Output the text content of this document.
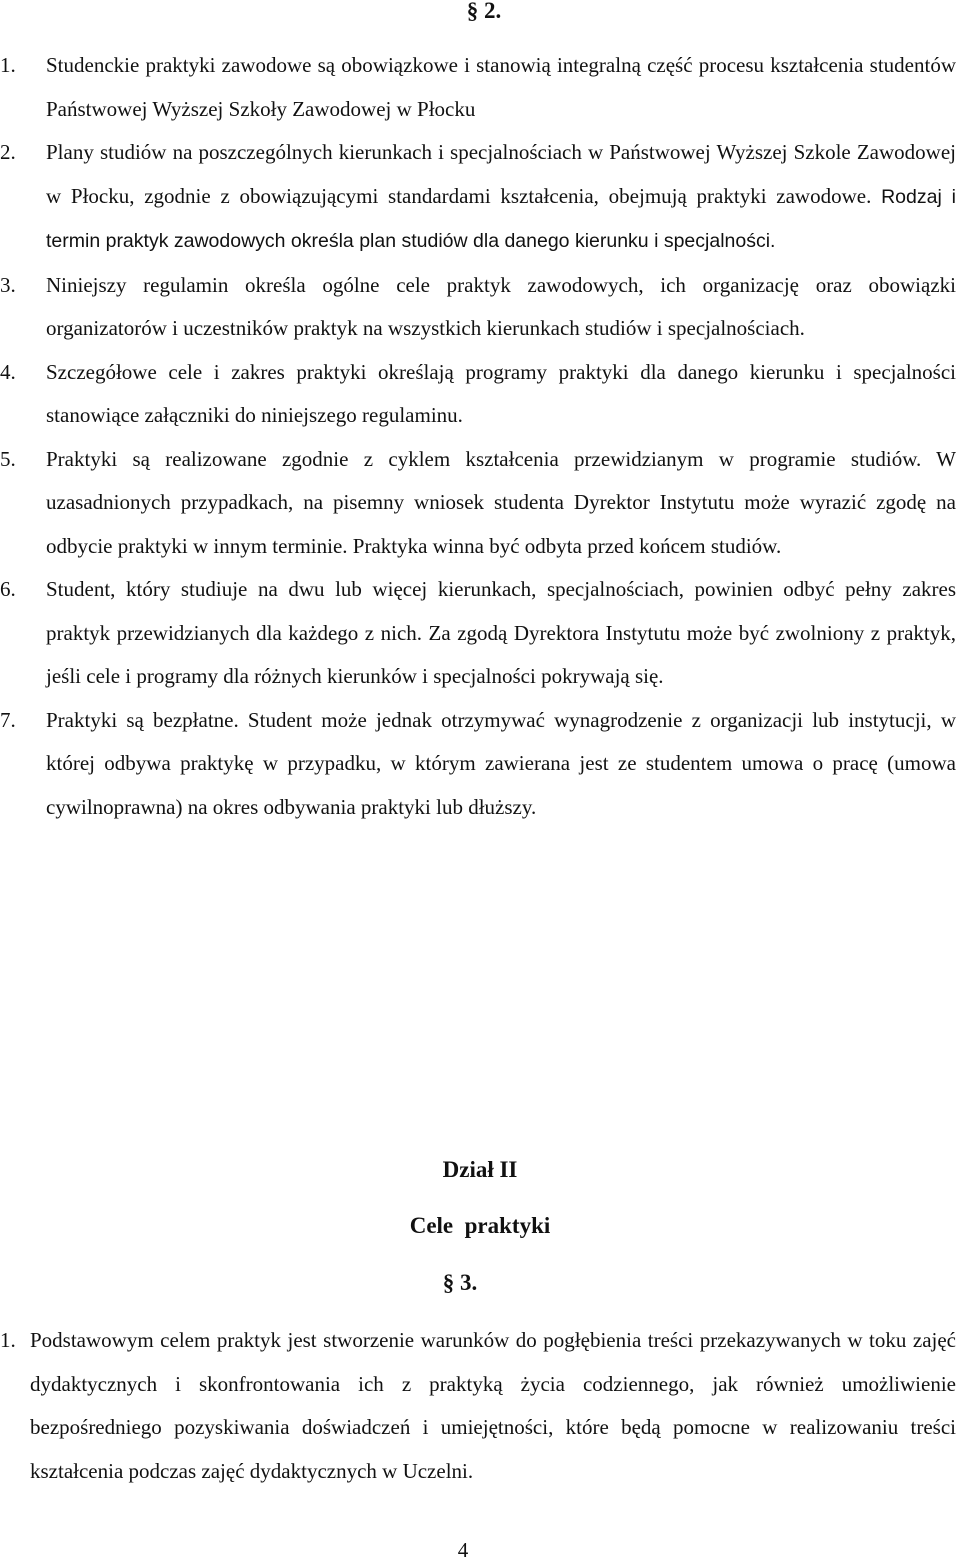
§ 2.

1. Studenckie praktyki zawodowe są obowiązkowe i stanowią integralną część procesu kształcenia studentów Państwowej Wyższej Szkoły Zawodowej w Płocku

2. Plany studiów na poszczególnych kierunkach i specjalnościach w Państwowej Wyższej Szkole Zawodowej w Płocku, zgodnie z obowiązującymi standardami kształcenia, obejmują praktyki zawodowe. Rodzaj i termin praktyk zawodowych określa plan studiów dla danego kierunku i specjalności.

3. Niniejszy regulamin określa ogólne cele praktyk zawodowych, ich organizację oraz obowiązki organizatorów i uczestników praktyk na wszystkich kierunkach studiów i specjalnościach.

4. Szczegółowe cele i zakres praktyki określają programy praktyki dla danego kierunku i specjalności stanowiące załączniki do niniejszego regulaminu.

5. Praktyki są realizowane zgodnie z cyklem kształcenia przewidzianym w programie studiów. W uzasadnionych przypadkach, na pisemny wniosek studenta Dyrektor Instytutu może wyrazić zgodę na odbycie praktyki w innym terminie. Praktyka winna być odbyta przed końcem studiów.

6. Student, który studiuje na dwu lub więcej kierunkach, specjalnościach, powinien odbyć pełny zakres praktyk przewidzianych dla każdego z nich. Za zgodą Dyrektora Instytutu może być zwolniony z praktyk, jeśli cele i programy dla różnych kierunków i specjalności pokrywają się.

7. Praktyki są bezpłatne. Student może jednak otrzymywać wynagrodzenie z organizacji lub instytucji, w której odbywa praktykę w przypadku, w którym zawierana jest ze studentem umowa o pracę (umowa cywilnoprawna) na okres odbywania praktyki lub dłuższy.

Dział II
Cele  praktyki
§ 3.

1. Podstawowym celem praktyk jest stworzenie warunków do pogłębienia treści przekazywanych w toku zajęć dydaktycznych i skonfrontowania ich z praktyką życia codziennego, jak również umożliwienie bezpośredniego pozyskiwania doświadczeń i umiejętności, które będą pomocne w realizowaniu treści kształcenia podczas zajęć dydaktycznych w Uczelni.

4
